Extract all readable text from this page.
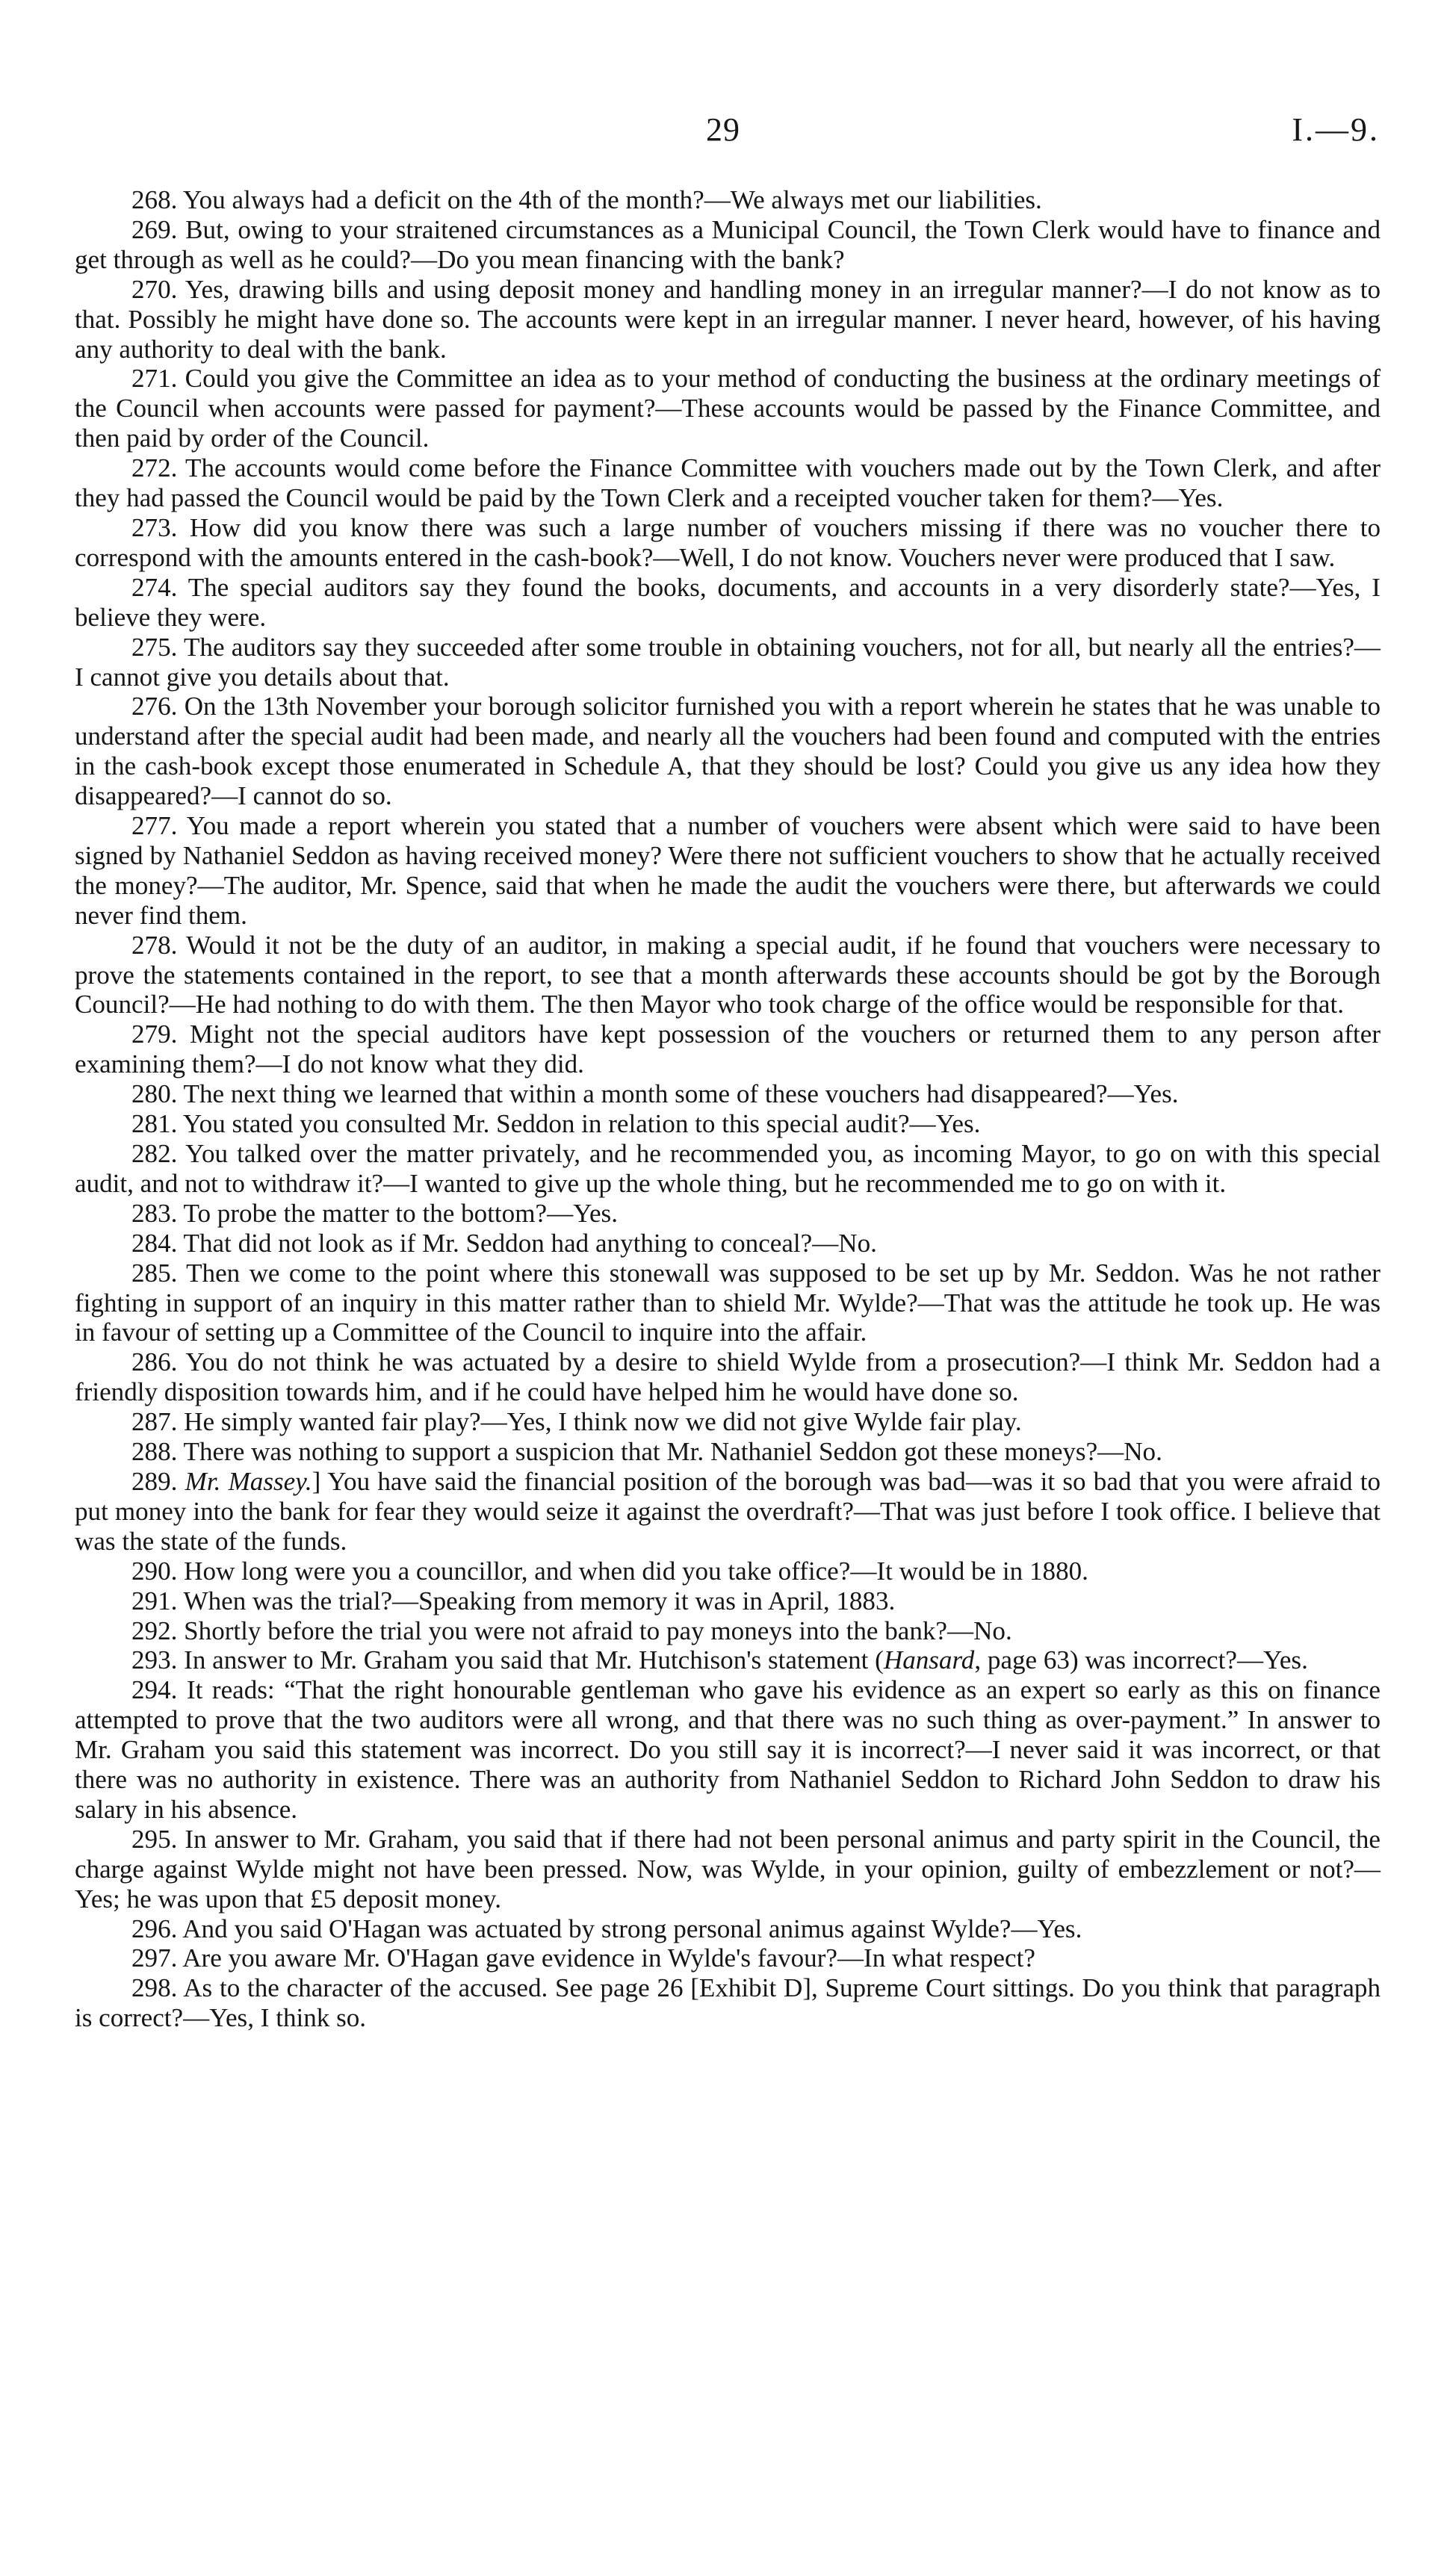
29	I.—9.

268. You always had a deficit on the 4th of the month?—We always met our liabilities.

269. But, owing to your straitened circumstances as a Municipal Council, the Town Clerk would have to finance and get through as well as he could?—Do you mean financing with the bank?

270. Yes, drawing bills and using deposit money and handling money in an irregular manner?—I do not know as to that. Possibly he might have done so. The accounts were kept in an irregular manner. I never heard, however, of his having any authority to deal with the bank.

271. Could you give the Committee an idea as to your method of conducting the business at the ordinary meetings of the Council when accounts were passed for payment?—These accounts would be passed by the Finance Committee, and then paid by order of the Council.

272. The accounts would come before the Finance Committee with vouchers made out by the Town Clerk, and after they had passed the Council would be paid by the Town Clerk and a receipted voucher taken for them?—Yes.

273. How did you know there was such a large number of vouchers missing if there was no voucher there to correspond with the amounts entered in the cash-book?—Well, I do not know. Vouchers never were produced that I saw.

274. The special auditors say they found the books, documents, and accounts in a very disorderly state?—Yes, I believe they were.

275. The auditors say they succeeded after some trouble in obtaining vouchers, not for all, but nearly all the entries?—I cannot give you details about that.

276. On the 13th November your borough solicitor furnished you with a report wherein he states that he was unable to understand after the special audit had been made, and nearly all the vouchers had been found and computed with the entries in the cash-book except those enumerated in Schedule A, that they should be lost? Could you give us any idea how they disappeared?—I cannot do so.

277. You made a report wherein you stated that a number of vouchers were absent which were said to have been signed by Nathaniel Seddon as having received money? Were there not sufficient vouchers to show that he actually received the money?—The auditor, Mr. Spence, said that when he made the audit the vouchers were there, but afterwards we could never find them.

278. Would it not be the duty of an auditor, in making a special audit, if he found that vouchers were necessary to prove the statements contained in the report, to see that a month afterwards these accounts should be got by the Borough Council?—He had nothing to do with them. The then Mayor who took charge of the office would be responsible for that.

279. Might not the special auditors have kept possession of the vouchers or returned them to any person after examining them?—I do not know what they did.

280. The next thing we learned that within a month some of these vouchers had disappeared?—Yes.

281. You stated you consulted Mr. Seddon in relation to this special audit?—Yes.

282. You talked over the matter privately, and he recommended you, as incoming Mayor, to go on with this special audit, and not to withdraw it?—I wanted to give up the whole thing, but he recommended me to go on with it.

283. To probe the matter to the bottom?—Yes.

284. That did not look as if Mr. Seddon had anything to conceal?—No.

285. Then we come to the point where this stonewall was supposed to be set up by Mr. Seddon. Was he not rather fighting in support of an inquiry in this matter rather than to shield Mr. Wylde?—That was the attitude he took up. He was in favour of setting up a Committee of the Council to inquire into the affair.

286. You do not think he was actuated by a desire to shield Wylde from a prosecution?—I think Mr. Seddon had a friendly disposition towards him, and if he could have helped him he would have done so.

287. He simply wanted fair play?—Yes, I think now we did not give Wylde fair play.

288. There was nothing to support a suspicion that Mr. Nathaniel Seddon got these moneys?—No.

289. Mr. Massey.] You have said the financial position of the borough was bad—was it so bad that you were afraid to put money into the bank for fear they would seize it against the overdraft?—That was just before I took office. I believe that was the state of the funds.

290. How long were you a councillor, and when did you take office?—It would be in 1880.

291. When was the trial?—Speaking from memory it was in April, 1883.

292. Shortly before the trial you were not afraid to pay moneys into the bank?—No.

293. In answer to Mr. Graham you said that Mr. Hutchison's statement (Hansard, page 63) was incorrect?—Yes.

294. It reads: “That the right honourable gentleman who gave his evidence as an expert so early as this on finance attempted to prove that the two auditors were all wrong, and that there was no such thing as over-payment.” In answer to Mr. Graham you said this statement was incorrect. Do you still say it is incorrect?—I never said it was incorrect, or that there was no authority in existence. There was an authority from Nathaniel Seddon to Richard John Seddon to draw his salary in his absence.

295. In answer to Mr. Graham, you said that if there had not been personal animus and party spirit in the Council, the charge against Wylde might not have been pressed. Now, was Wylde, in your opinion, guilty of embezzlement or not?—Yes; he was upon that £5 deposit money.

296. And you said O'Hagan was actuated by strong personal animus against Wylde?—Yes.

297. Are you aware Mr. O'Hagan gave evidence in Wylde's favour?—In what respect?

298. As to the character of the accused. See page 26 [Exhibit D], Supreme Court sittings. Do you think that paragraph is correct?—Yes, I think so.
